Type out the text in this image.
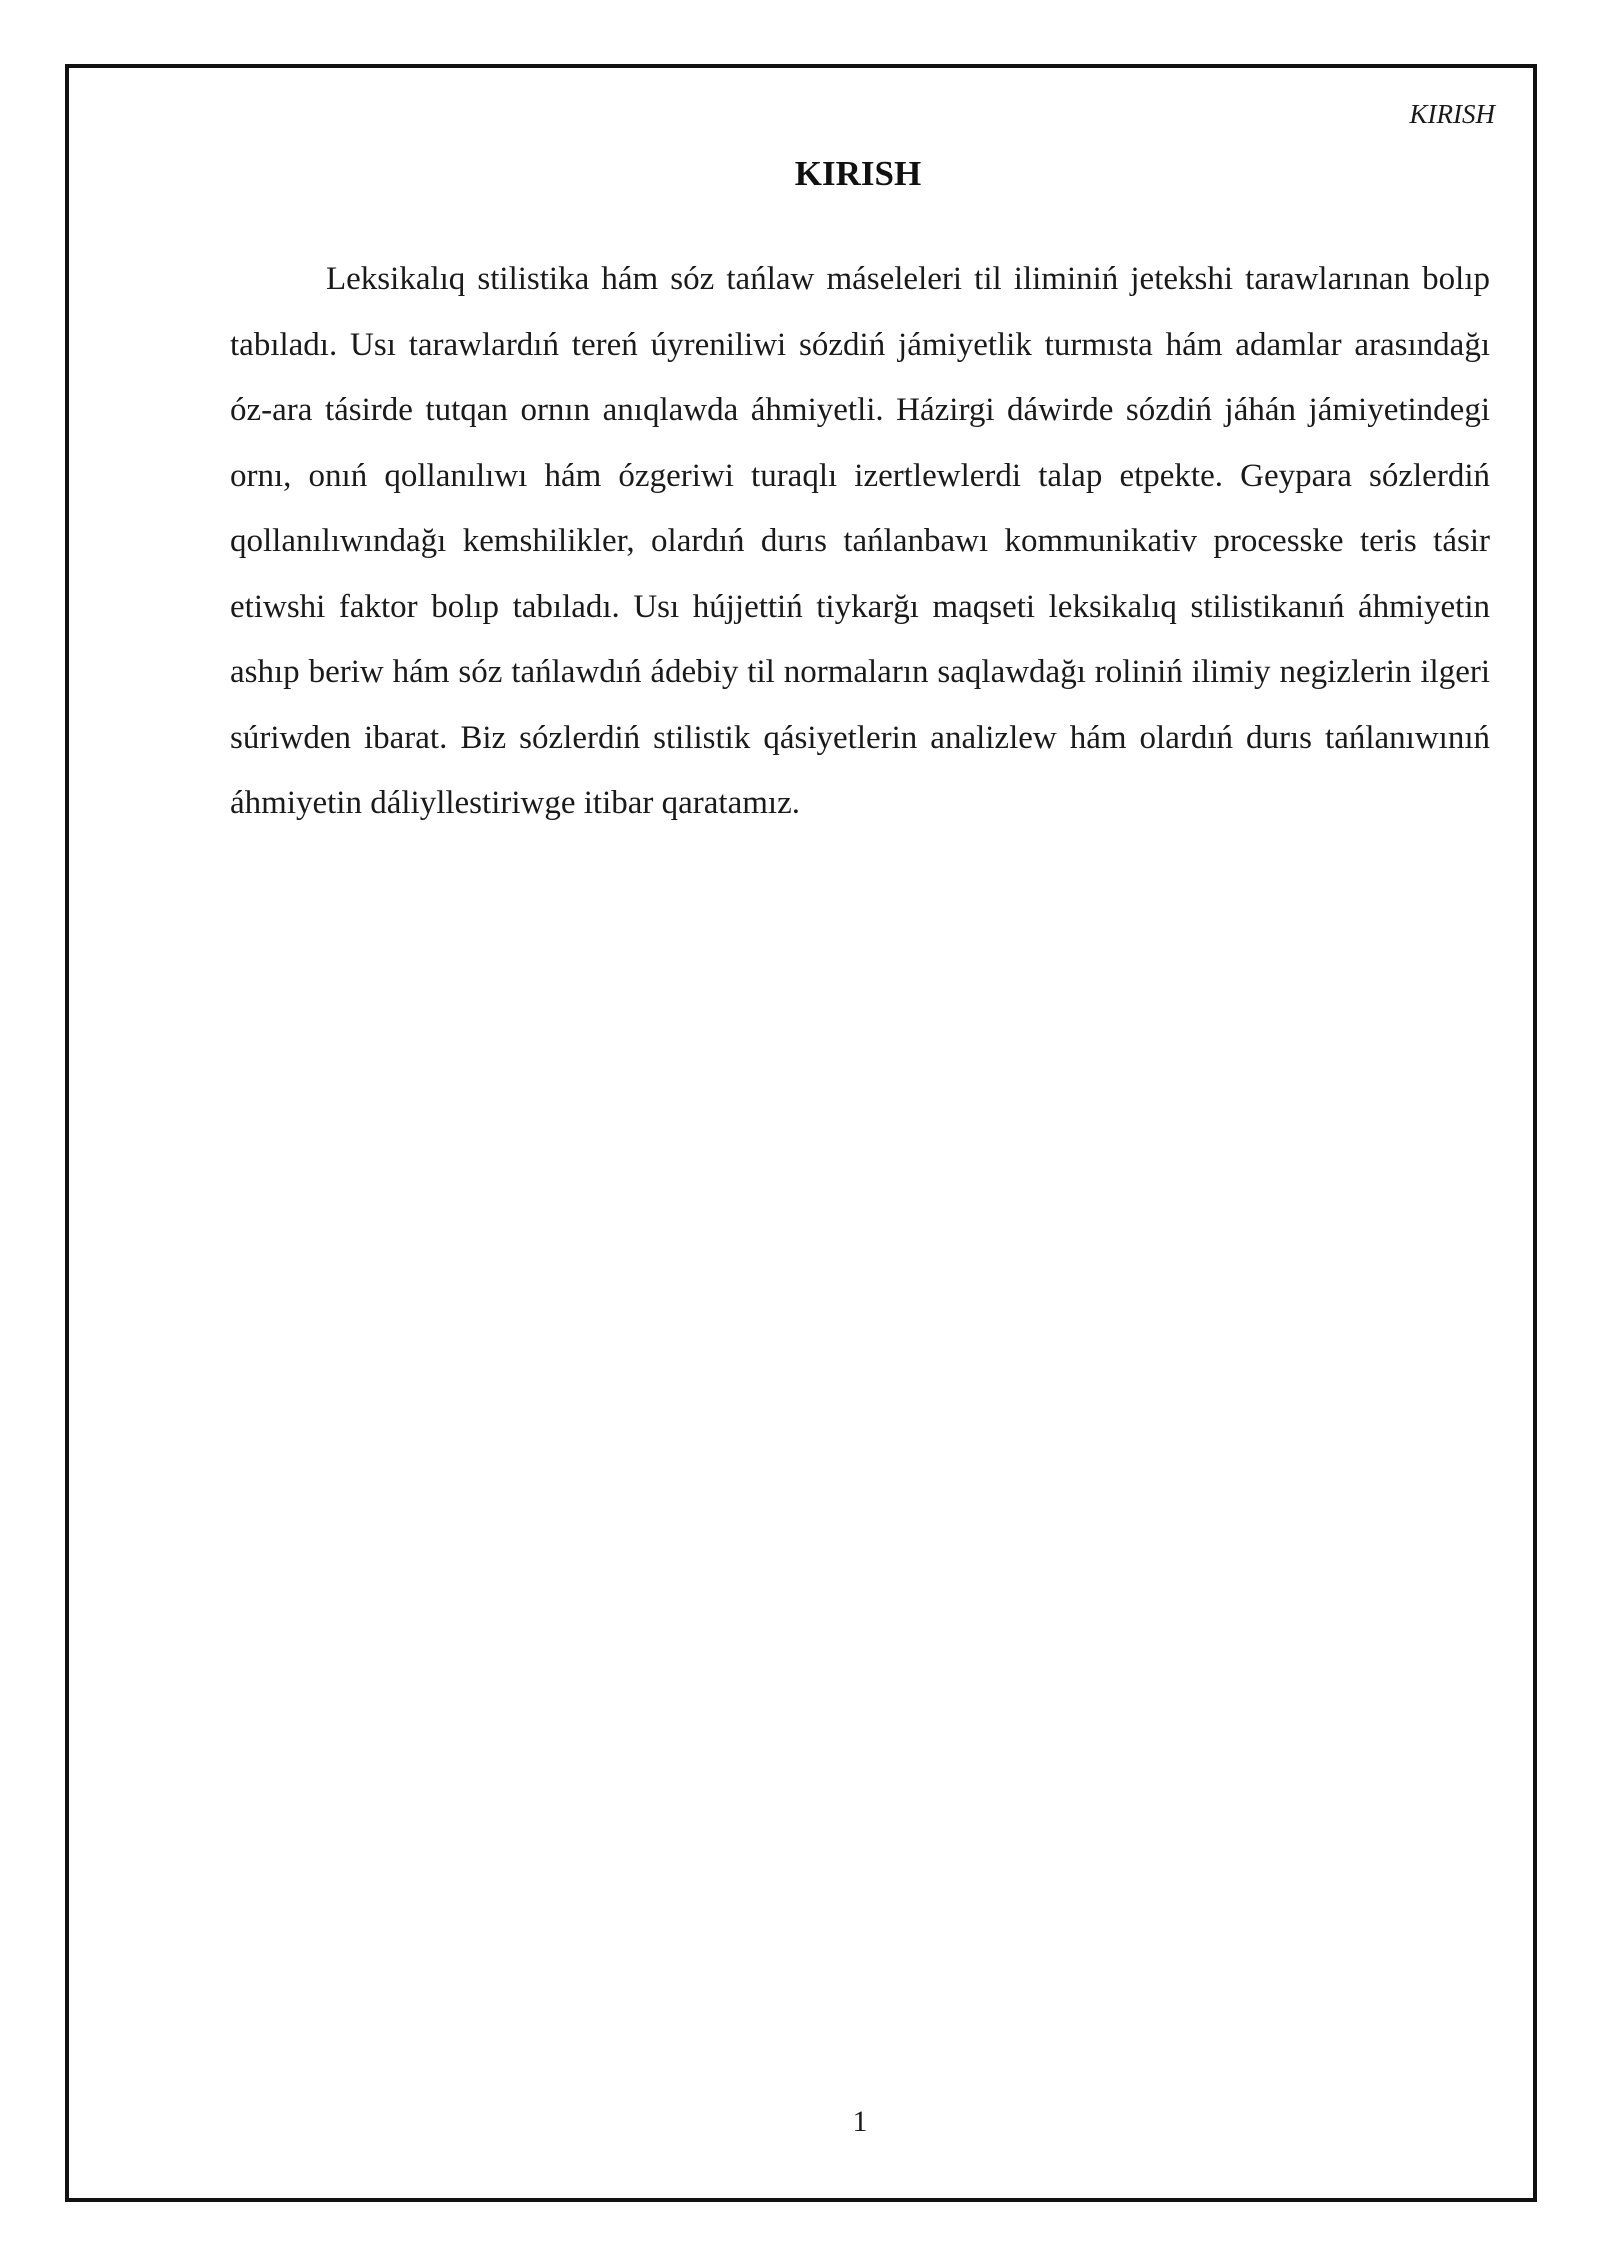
KIRISH
KIRISH

Leksikalıq stilistika hám sóz tańlaw máseleleri til iliminiń jetekshi tarawlarınan bolıp tabıladı. Usı tarawlardıń tereń úyreniliwi sózdiń jámiyetlik turmısta hám adamlar arasındağı óz-ara tásirde tutqan ornın anıqlawda áhmiyetli. Házirgi dáwirde sózdiń jáhán jámiyetindegi ornı, onıń qollanılıwı hám ózgeriwi turaqlı izertlewlerdi talap etpekte. Geypara sózlerdiń qollanılıwındağı kemshilikler, olardıń durıs tańlanbawı kommunikativ processke teris tásir etiwshi faktor bolıp tabıladı. Usı hújjettiń tiykarğı maqseti leksikalıq stilistikanıń áhmiyetin ashıp beriw hám sóz tańlawdıń ádebiy til normaların saqlawdağı roliniń ilimiy negizlerin ilgeri súriwden ibarat. Biz sózlerdiń stilistik qásiyetlerin analizlew hám olardıń durıs tańlanıwınıń áhmiyetin dáliyllestiriwge itibar qaratamız.

1
